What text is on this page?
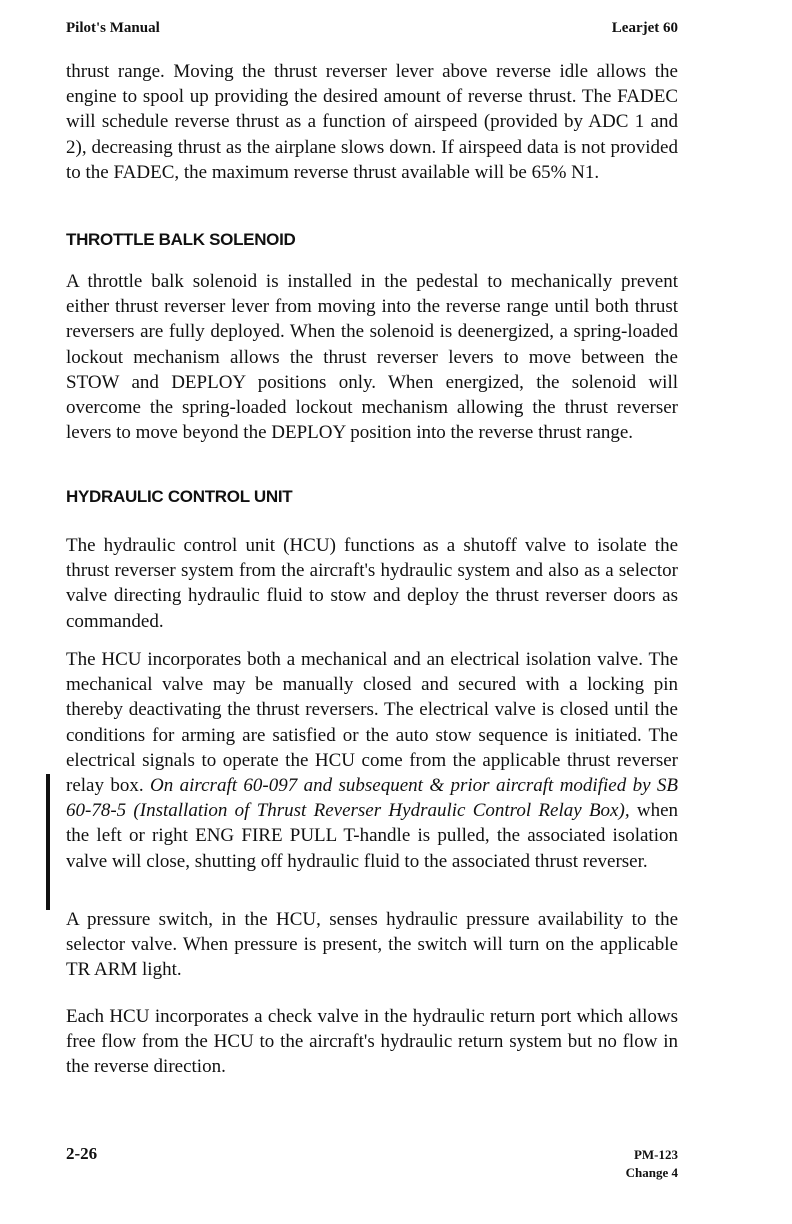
Pilot's Manual	Learjet 60

thrust range. Moving the thrust reverser lever above reverse idle allows the engine to spool up providing the desired amount of reverse thrust. The FADEC will schedule reverse thrust as a function of airspeed (provided by ADC 1 and 2), decreasing thrust as the airplane slows down. If airspeed data is not provided to the FADEC, the maximum reverse thrust available will be 65% N1.

THROTTLE BALK SOLENOID

A throttle balk solenoid is installed in the pedestal to mechanically prevent either thrust reverser lever from moving into the reverse range until both thrust reversers are fully deployed. When the solenoid is deenergized, a spring-loaded lockout mechanism allows the thrust reverser levers to move between the STOW and DEPLOY positions only. When energized, the solenoid will overcome the spring-loaded lockout mechanism allowing the thrust reverser levers to move beyond the DEPLOY position into the reverse thrust range.

HYDRAULIC CONTROL UNIT

The hydraulic control unit (HCU) functions as a shutoff valve to isolate the thrust reverser system from the aircraft's hydraulic system and also as a selector valve directing hydraulic fluid to stow and deploy the thrust reverser doors as commanded.

The HCU incorporates both a mechanical and an electrical isolation valve. The mechanical valve may be manually closed and secured with a locking pin thereby deactivating the thrust reversers. The electrical valve is closed until the conditions for arming are satisfied or the auto stow sequence is initiated. The electrical signals to operate the HCU come from the applicable thrust reverser relay box. On aircraft 60-097 and subsequent & prior aircraft modified by SB 60-78-5 (Installation of Thrust Reverser Hydraulic Control Relay Box), when the left or right ENG FIRE PULL T-handle is pulled, the associated isolation valve will close, shutting off hydraulic fluid to the associated thrust reverser.

A pressure switch, in the HCU, senses hydraulic pressure availability to the selector valve. When pressure is present, the switch will turn on the applicable TR ARM light.

Each HCU incorporates a check valve in the hydraulic return port which allows free flow from the HCU to the aircraft's hydraulic return system but no flow in the reverse direction.

2-26	PM-123
Change 4
